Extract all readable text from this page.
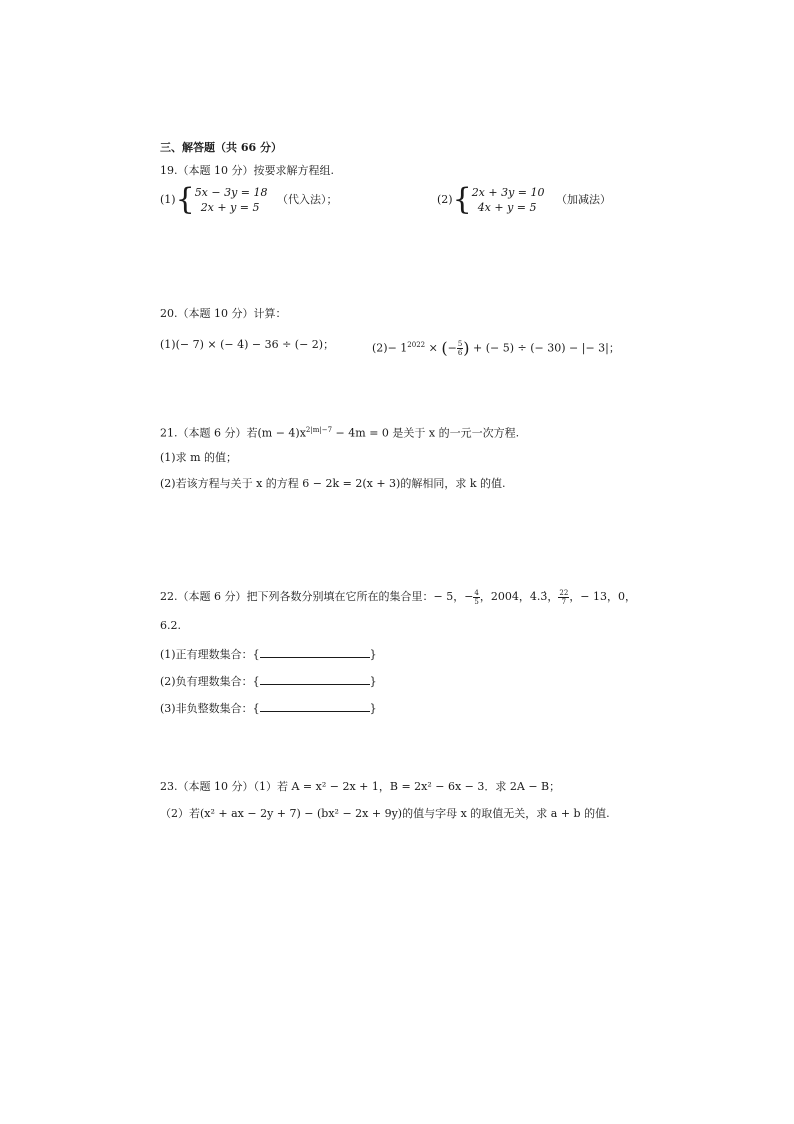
三、解答题（共 66 分）
19.（本题 10 分）按要求解方程组.
(1){ 5x − 3y = 18
2x + y = 5
（代入法）；	(2){ 2x + 3y = 10
4x + y = 5
（加减法）
20.（本题 10 分）计算：
(1)(− 7) × (− 4) − 36 ÷ (− 2)；	$(2)- 1^{2022}$ × (− $\frac{5}{6}$ ) + (− 5) ÷ (− 30) − |− 3|；
21.（本题 6 分）若$(m - 4)x^{2|m|-7} - 4m = 0$ 是关于 x 的一元一次方程.
(1)求 m 的值；
(2)若该方程与关于 x 的方程 6 − 2k = 2(x + 3)的解相同，求 k 的值.
22.（本题 6 分）把下列各数分别填在它所在的集合里：− 5，− $\frac{4}{5}$ ，2004，4.3̇， $\frac{22}{7}$ ，− 13，0，
6.2.
(1)正有理数集合：{	}
(2)负有理数集合：{	}
(3)非负整数集合：{	}
23.（本题 10 分）（1）若 A = x² − 2x + 1，B = 2x² − 6x − 3．求 2A − B；
（2）若(x² + ax − 2y + 7) − (bx² − 2x + 9y)的值与字母 x 的取值无关，求 a + b 的值.
